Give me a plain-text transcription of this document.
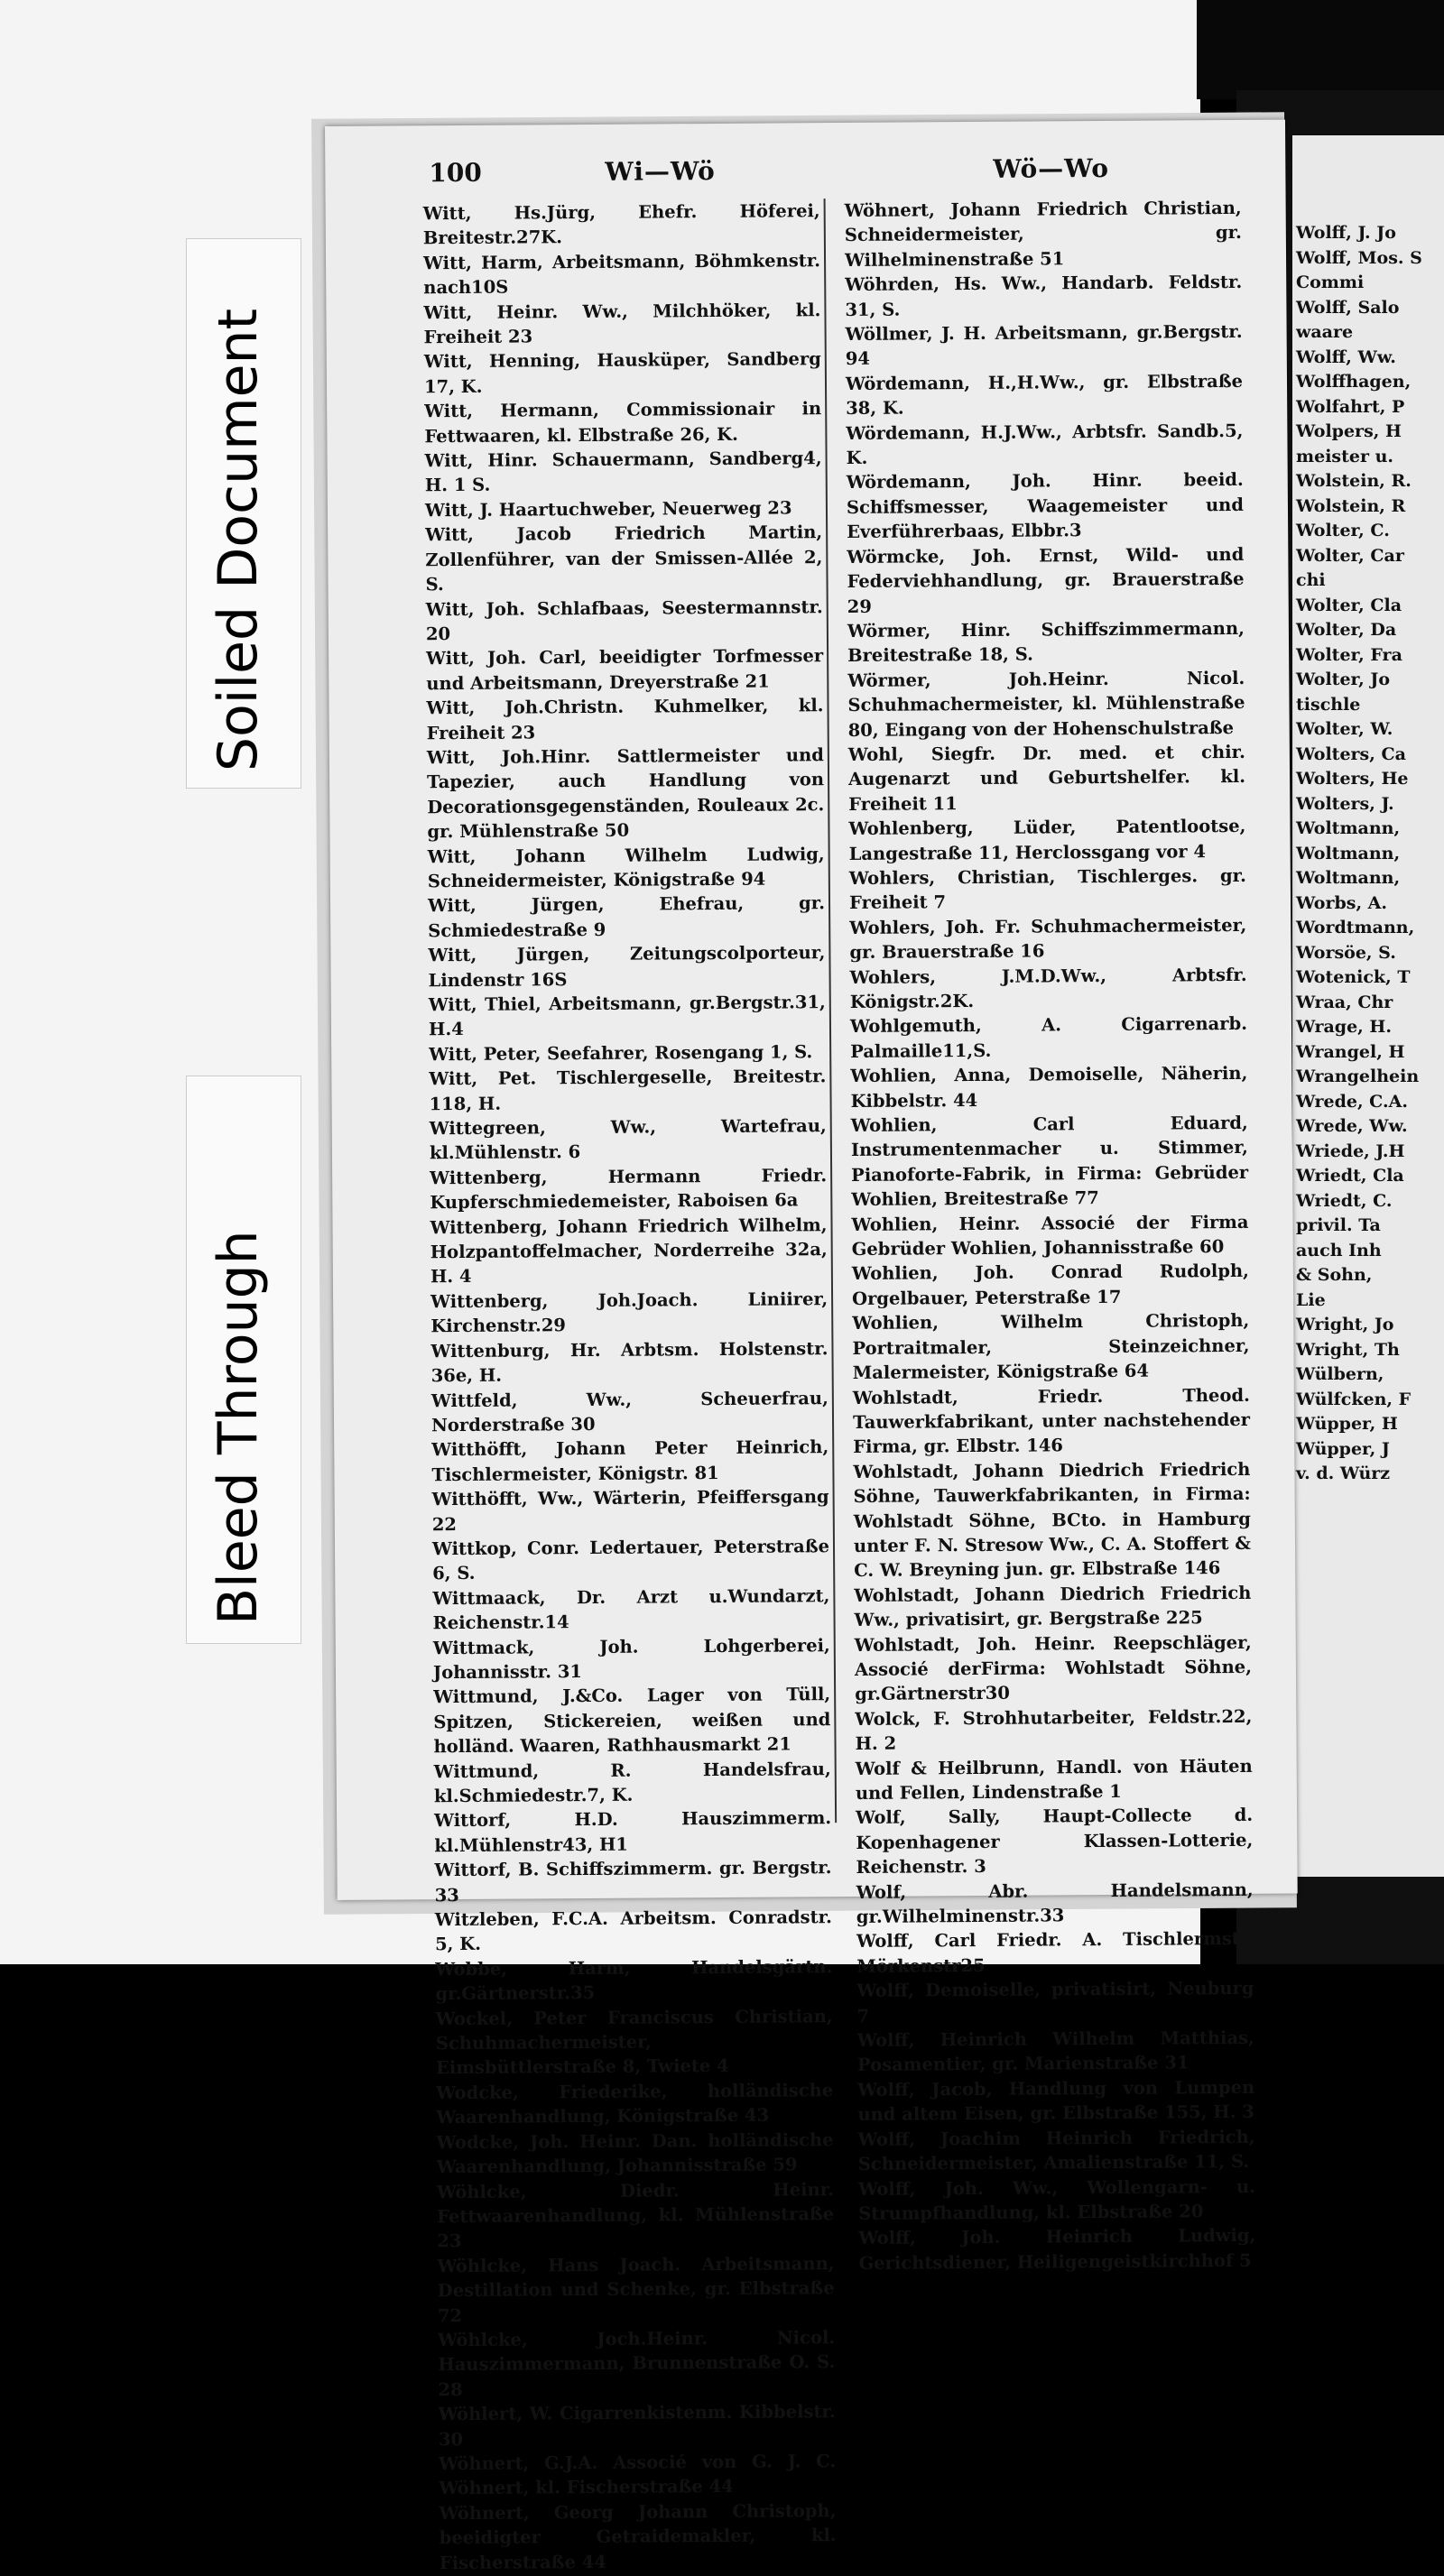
Soiled Document
Bleed Through
Wolff, J. Jo
Wolff, Mos. S
Commi
Wolff, Salo
waare
Wolff, Ww.
Wolffhagen,
Wolfahrt, P
Wolpers, H
meister u.
Wolstein, R.
Wolstein, R
Wolter, C.
Wolter, Car
chi
Wolter, Cla
Wolter, Da
Wolter, Fra
Wolter, Jo
tischle
Wolter, W.
Wolters, Ca
Wolters, He
Wolters, J.
Woltmann,
Woltmann,
Woltmann,
Worbs, A.
Wordtmann,
Worsöe, S.
Wotenick, T
Wraa, Chr
Wrage, H.
Wrangel, H
Wrangelhein
Wrede, C.A.
Wrede, Ww.
Wriede, J.H
Wriedt, Cla
Wriedt, C.
privil. Ta
auch Inh
& Sohn,
Lie
Wright, Jo
Wright, Th
Wülbern,
Wülfcken, F
Wüpper, H
Wüpper, J
v. d. Würz
100	Wi—Wö	Wö—Wo
Witt, Hs.Jürg, Ehefr. Höferei, Breitestr.27K.
Witt, Harm, Arbeitsmann, Böhmkenstr. nach10S
Witt, Heinr. Ww., Milchhöker, kl. Freiheit 23
Witt, Henning, Hausküper, Sandberg 17, K.
Witt, Hermann, Commissionair in Fettwaaren, kl. Elbstraße 26, K.
Witt, Hinr. Schauermann, Sandberg4, H. 1 S.
Witt, J. Haartuchweber, Neuerweg 23
Witt, Jacob Friedrich Martin, Zollenführer, van der Smissen-Allée 2, S.
Witt, Joh. Schlafbaas, Seestermannstr. 20
Witt, Joh. Carl, beeidigter Torfmesser und Arbeitsmann, Dreyerstraße 21
Witt, Joh.Christn. Kuhmelker, kl. Freiheit 23
Witt, Joh.Hinr. Sattlermeister und Tapezier, auch Handlung von Decorationsgegenständen, Rouleaux 2c. gr. Mühlenstraße 50
Witt, Johann Wilhelm Ludwig, Schneidermeister, Königstraße 94
Witt, Jürgen, Ehefrau, gr. Schmiedestraße 9
Witt, Jürgen, Zeitungscolporteur, Lindenstr 16S
Witt, Thiel, Arbeitsmann, gr.Bergstr.31, H.4
Witt, Peter, Seefahrer, Rosengang 1, S.
Witt, Pet. Tischlergeselle, Breitestr. 118, H.
Wittegreen, Ww., Wartefrau, kl.Mühlenstr. 6
Wittenberg, Hermann Friedr. Kupferschmiedemeister, Raboisen 6a
Wittenberg, Johann Friedrich Wilhelm, Holzpantoffelmacher, Norderreihe 32a, H. 4
Wittenberg, Joh.Joach. Liniirer, Kirchenstr.29
Wittenburg, Hr. Arbtsm. Holstenstr. 36e, H.
Wittfeld, Ww., Scheuerfrau, Norderstraße 30
Witthöfft, Johann Peter Heinrich, Tischlermeister, Königstr. 81
Witthöfft, Ww., Wärterin, Pfeiffersgang 22
Wittkop, Conr. Ledertauer, Peterstraße 6, S.
Wittmaack, Dr. Arzt u.Wundarzt, Reichenstr.14
Wittmack, Joh. Lohgerberei, Johannisstr. 31
Wittmund, J.&Co. Lager von Tüll, Spitzen, Stickereien, weißen und holländ. Waaren, Rathhausmarkt 21
Wittmund, R. Handelsfrau, kl.Schmiedestr.7, K.
Wittorf, H.D. Hauszimmerm. kl.Mühlenstr43, H1
Wittorf, B. Schiffszimmerm. gr. Bergstr. 33
Witzleben, F.C.A. Arbeitsm. Conradstr. 5, K.
Wobbe, Harm, Handelsgärtn. gr.Gärtnerstr.35
Wockel, Peter Franciscus Christian, Schuhmachermeister, Eimsbüttlerstraße 8, Twiete 4
Wodcke, Friederike, holländische Waarenhandlung, Königstraße 43
Wodcke, Joh. Heinr. Dan. holländische Waarenhandlung, Johannisstraße 59
Wöhlcke, Diedr. Heinr. Fettwaarenhandlung, kl. Mühlenstraße 23
Wöhlcke, Hans Joach. Arbeitsmann, Destillation und Schenke, gr. Elbstraße 72
Wöhlcke, Joch.Heinr. Nicol. Hauszimmermann, Brunnenstraße O. S. 28
Wöhlert, W. Cigarrenkistenm. Kibbelstr. 30
Wöhnert, G.J.A. Associé von G. J. C. Wöhnert, kl. Fischerstraße 44
Wöhnert, Georg Johann Christoph, beeidigter Getraidemakler, kl. Fischerstraße 44
Wöhnert, Johann Friedrich Christian, Schneidermeister, gr. Wilhelminenstraße 51
Wöhrden, Hs. Ww., Handarb. Feldstr. 31, S.
Wöllmer, J. H. Arbeitsmann, gr.Bergstr. 94
Wördemann, H.,H.Ww., gr. Elbstraße 38, K.
Wördemann, H.J.Ww., Arbtsfr. Sandb.5, K.
Wördemann, Joh. Hinr. beeid. Schiffsmesser, Waagemeister und Everführerbaas, Elbbr.3
Wörmcke, Joh. Ernst, Wild- und Federviehhandlung, gr. Brauerstraße 29
Wörmer, Hinr. Schiffszimmermann, Breitestraße 18, S.
Wörmer, Joh.Heinr. Nicol. Schuhmachermeister, kl. Mühlenstraße 80, Eingang von der Hohenschulstraße
Wohl, Siegfr. Dr. med. et chir. Augenarzt und Geburtshelfer. kl. Freiheit 11
Wohlenberg, Lüder, Patentlootse, Langestraße 11, Herclossgang vor 4
Wohlers, Christian, Tischlerges. gr. Freiheit 7
Wohlers, Joh. Fr. Schuhmachermeister, gr. Brauerstraße 16
Wohlers, J.M.D.Ww., Arbtsfr. Königstr.2K.
Wohlgemuth, A. Cigarrenarb. Palmaille11,S.
Wohlien, Anna, Demoiselle, Näherin, Kibbelstr. 44
Wohlien, Carl Eduard, Instrumentenmacher u. Stimmer, Pianoforte-Fabrik, in Firma: Gebrüder Wohlien, Breitestraße 77
Wohlien, Heinr. Associé der Firma Gebrüder Wohlien, Johannisstraße 60
Wohlien, Joh. Conrad Rudolph, Orgelbauer, Peterstraße 17
Wohlien, Wilhelm Christoph, Portraitmaler, Steinzeichner, Malermeister, Königstraße 64
Wohlstadt, Friedr. Theod. Tauwerkfabrikant, unter nachstehender Firma, gr. Elbstr. 146
Wohlstadt, Johann Diedrich Friedrich Söhne, Tauwerkfabrikanten, in Firma: Wohlstadt Söhne, BCto. in Hamburg unter F. N. Stresow Ww., C. A. Stoffert & C. W. Breyning jun. gr. Elbstraße 146
Wohlstadt, Johann Diedrich Friedrich Ww., privatisirt, gr. Bergstraße 225
Wohlstadt, Joh. Heinr. Reepschläger, Associé derFirma: Wohlstadt Söhne, gr.Gärtnerstr30
Wolck, F. Strohhutarbeiter, Feldstr.22, H. 2
Wolf & Heilbrunn, Handl. von Häuten und Fellen, Lindenstraße 1
Wolf, Sally, Haupt-Collecte d. Kopenhagener Klassen-Lotterie, Reichenstr. 3
Wolf, Abr. Handelsmann, gr.Wilhelminenstr.33
Wolff, Carl Friedr. A. Tischlermstr. Mörkenstr25
Wolff, Demoiselle, privatisirt, Neuburg 7
Wolff, Heinrich Wilhelm Matthias, Posamentier, gr. Marienstraße 31
Wolff, Jacob, Handlung von Lumpen und altem Eisen, gr. Elbstraße 155, H. 3
Wolff, Joachim Heinrich Friedrich, Schneidermeister, Amalienstraße 11, S.
Wolff, Joh. Ww., Wollengarn- u. Strumpfhandlung, kl. Elbstraße 20
Wolff, Joh. Heinrich Ludwig, Gerichtsdiener, Heiligengeistkirchhof 5
